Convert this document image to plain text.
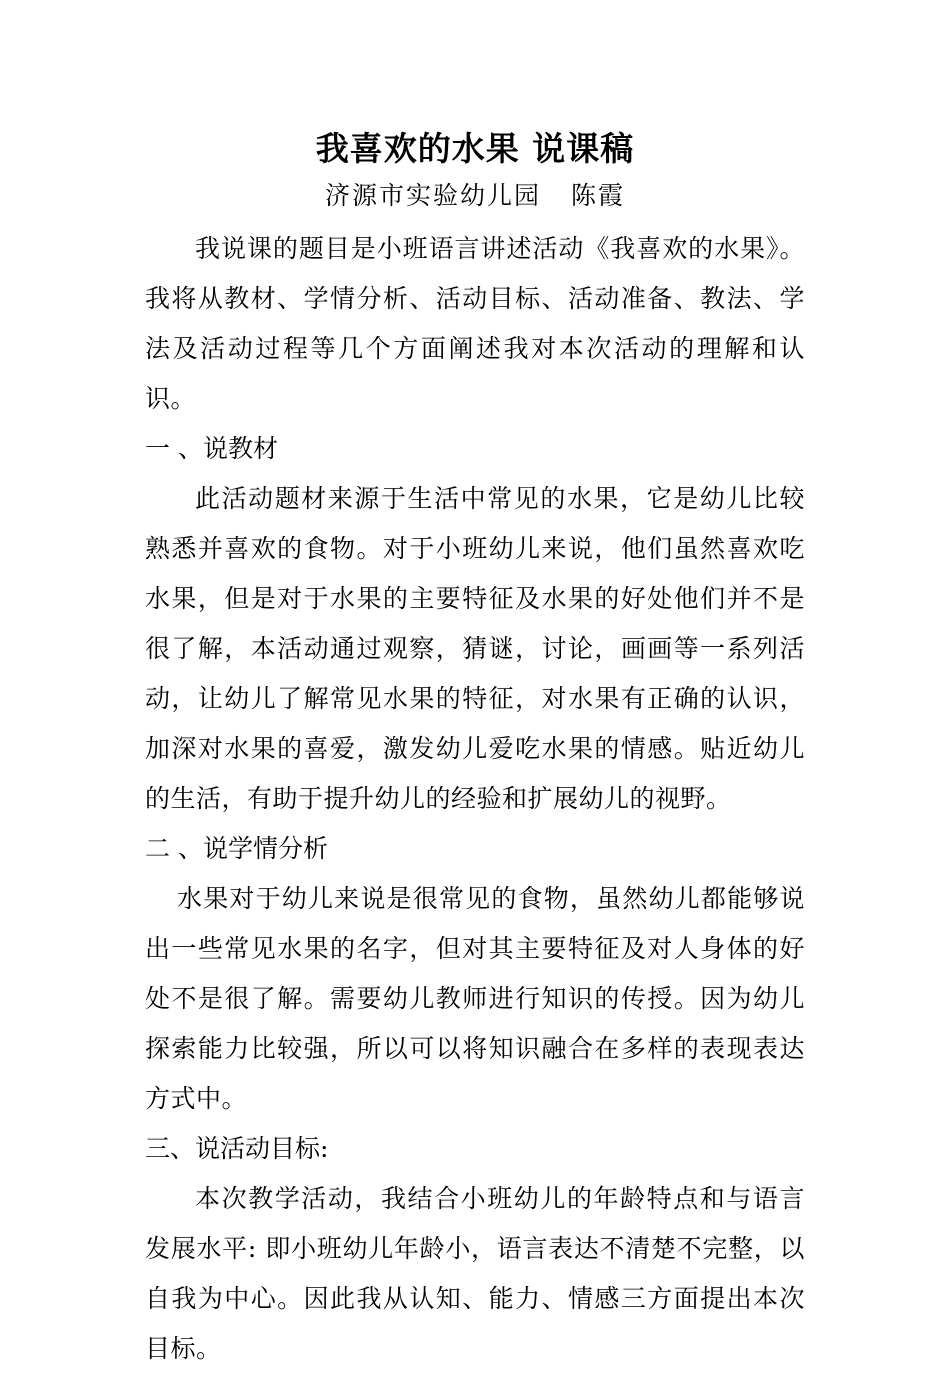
我喜欢的水果 说课稿
济源市实验幼儿园 陈霞

我说课的题目是小班语言讲述活动《我喜欢的水果》。我将从教材、学情分析、活动目标、活动准备、教法、学法及活动过程等几个方面阐述我对本次活动的理解和认识。

一 、说教材

此活动题材来源于生活中常见的水果，它是幼儿比较熟悉并喜欢的食物。对于小班幼儿来说，他们虽然喜欢吃水果，但是对于水果的主要特征及水果的好处他们并不是很了解，本活动通过观察，猜谜，讨论，画画等一系列活动，让幼儿了解常见水果的特征，对水果有正确的认识，加深对水果的喜爱，激发幼儿爱吃水果的情感。贴近幼儿的生活，有助于提升幼儿的经验和扩展幼儿的视野。

二 、说学情分析

水果对于幼儿来说是很常见的食物，虽然幼儿都能够说出一些常见水果的名字，但对其主要特征及对人身体的好处不是很了解。需要幼儿教师进行知识的传授。因为幼儿探索能力比较强，所以可以将知识融合在多样的表现表达方式中。

三、说活动目标:

本次教学活动，我结合小班幼儿的年龄特点和与语言发展水平: 即小班幼儿年龄小，语言表达不清楚不完整，以自我为中心。因此我从认知、能力、情感三方面提出本次目标。
